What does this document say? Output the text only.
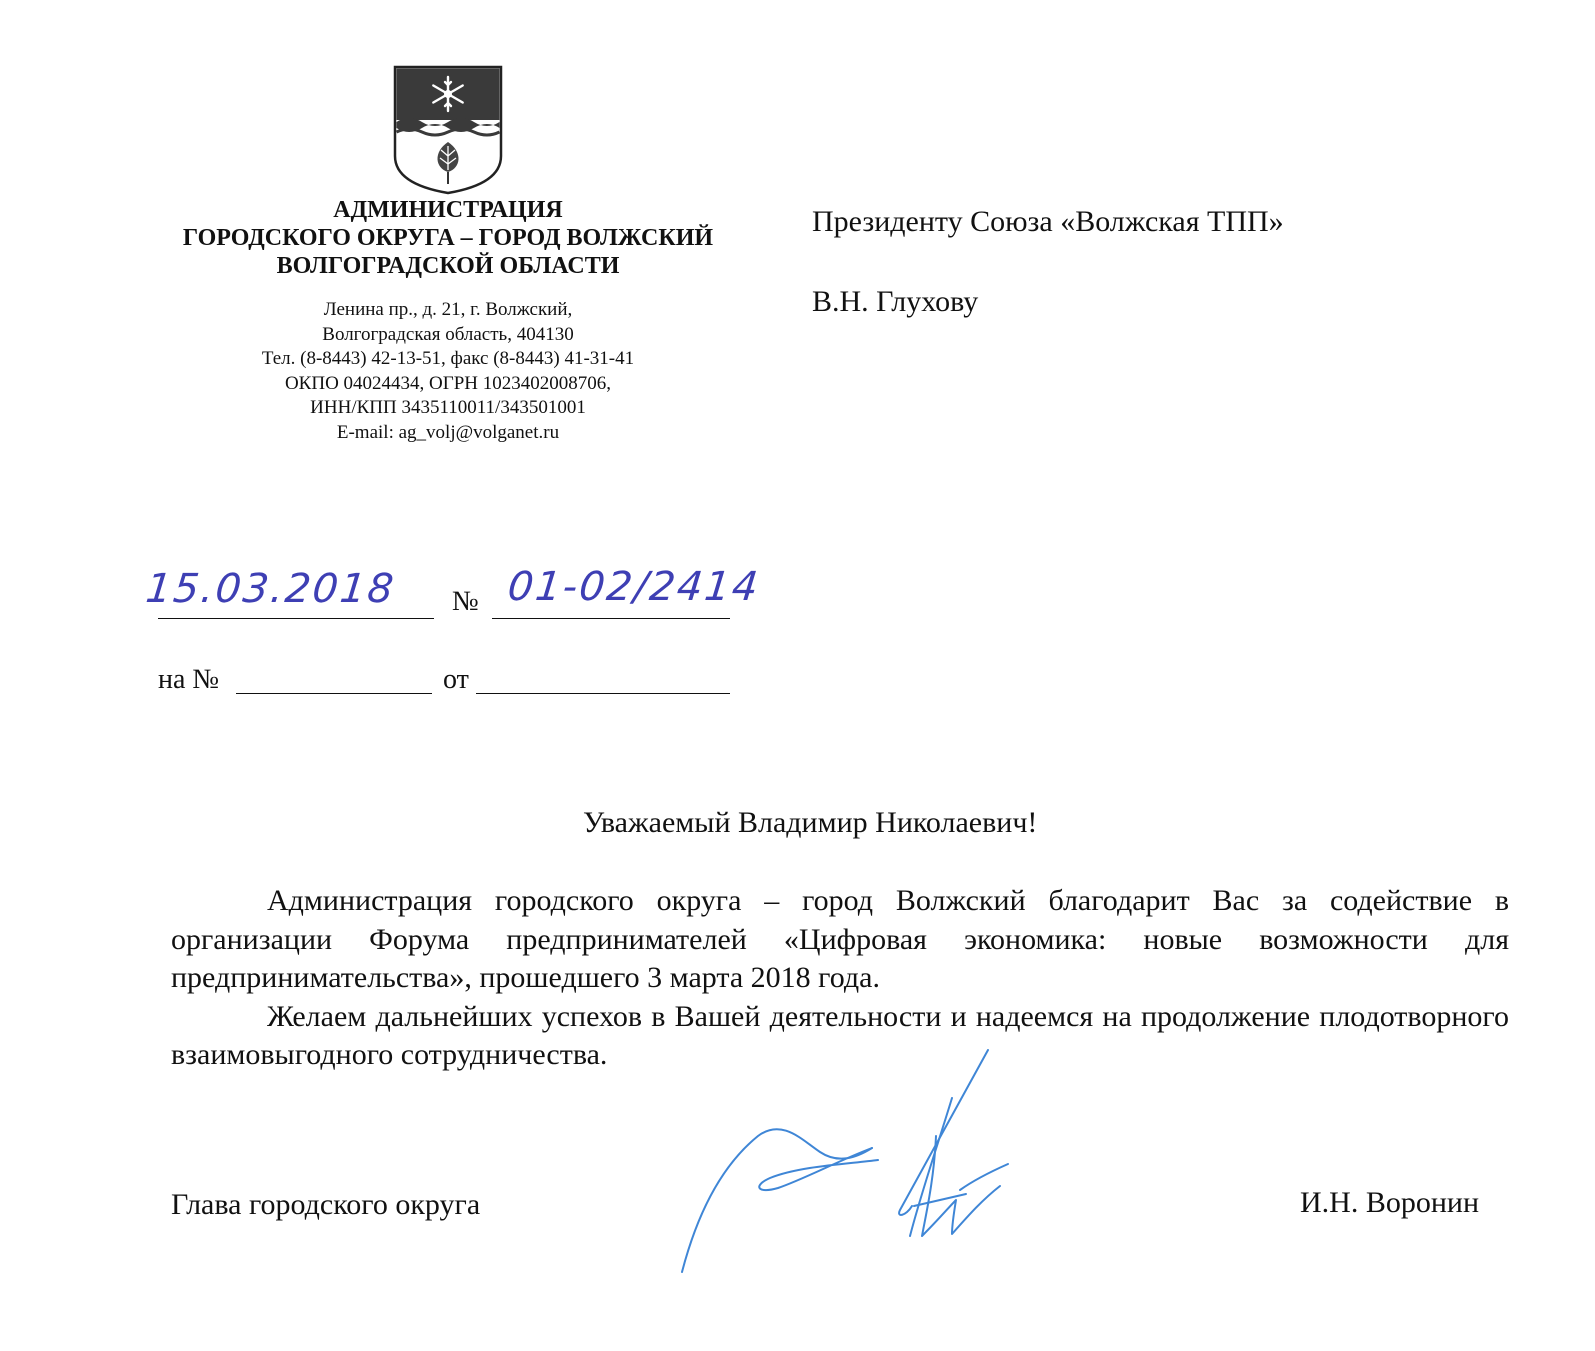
АДМИНИСТРАЦИЯ
ГОРОДСКОГО ОКРУГА – ГОРОД ВОЛЖСКИЙ
ВОЛГОГРАДСКОЙ ОБЛАСТИ
Ленина пр., д. 21, г. Волжский,
Волгоградская область, 404130
Тел. (8-8443) 42-13-51, факс (8-8443) 41-31-41
ОКПО 04024434, ОГРН 1023402008706,
ИНН/КПП 3435110011/343501001
E-mail: ag_volj@volganet.ru
Президенту Союза «Волжская ТПП»
В.Н. Глухову
15.03.2018 № 01-02/2414
на №	от
Уважаемый Владимир Николаевич!

Администрация городского округа – город Волжский благодарит Вас за содействие в организации Форума предпринимателей «Цифровая экономика: новые возможности для предпринимательства», прошедшего 3 марта 2018 года.

Желаем дальнейших успехов в Вашей деятельности и надеемся на продолжение плодотворного взаимовыгодного сотрудничества.

Глава городского округа	И.Н. Воронин
